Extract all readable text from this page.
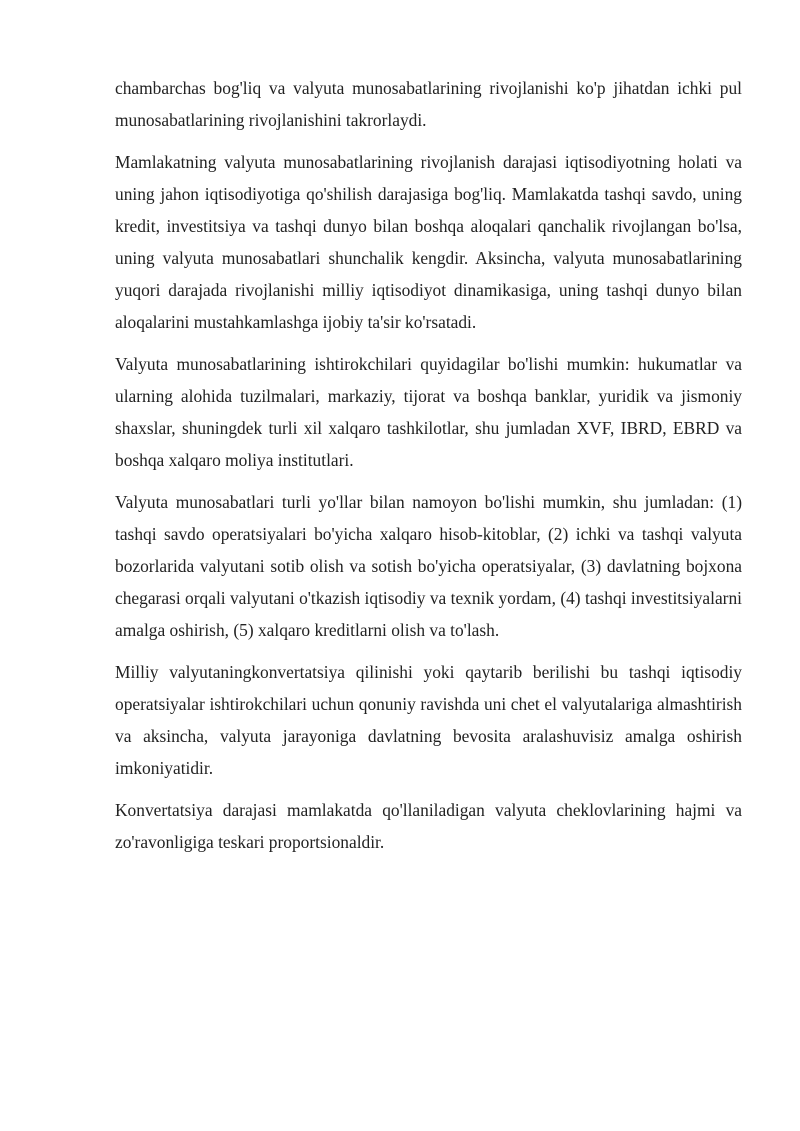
chambarchas bog'liq va valyuta munosabatlarining rivojlanishi ko'p jihatdan ichki pul munosabatlarining rivojlanishini takrorlaydi.

Mamlakatning valyuta munosabatlarining rivojlanish darajasi iqtisodiyotning holati va uning jahon iqtisodiyotiga qo'shilish darajasiga bog'liq. Mamlakatda tashqi savdo, uning kredit, investitsiya va tashqi dunyo bilan boshqa aloqalari qanchalik rivojlangan bo'lsa, uning valyuta munosabatlari shunchalik kengdir. Aksincha, valyuta munosabatlarining yuqori darajada rivojlanishi milliy iqtisodiyot dinamikasiga, uning tashqi dunyo bilan aloqalarini mustahkamlashga ijobiy ta'sir ko'rsatadi.

Valyuta munosabatlarining ishtirokchilari quyidagilar bo'lishi mumkin: hukumatlar va ularning alohida tuzilmalari, markaziy, tijorat va boshqa banklar, yuridik va jismoniy shaxslar, shuningdek turli xil xalqaro tashkilotlar, shu jumladan XVF, IBRD, EBRD va boshqa xalqaro moliya institutlari.

Valyuta munosabatlari turli yo'llar bilan namoyon bo'lishi mumkin, shu jumladan: (1) tashqi savdo operatsiyalari bo'yicha xalqaro hisob-kitoblar, (2) ichki va tashqi valyuta bozorlarida valyutani sotib olish va sotish bo'yicha operatsiyalar, (3) davlatning bojxona chegarasi orqali valyutani o'tkazish iqtisodiy va texnik yordam, (4) tashqi investitsiyalarni amalga oshirish, (5) xalqaro kreditlarni olish va to'lash.

Milliy valyutaningkonvertatsiya qilinishi yoki qaytarib berilishi bu tashqi iqtisodiy operatsiyalar ishtirokchilari uchun qonuniy ravishda uni chet el valyutalariga almashtirish va aksincha, valyuta jarayoniga davlatning bevosita aralashuvisiz amalga oshirish imkoniyatidir.

Konvertatsiya darajasi mamlakatda qo'llaniladigan valyuta cheklovlarining hajmi va zo'ravonligiga teskari proportsionaldir.
